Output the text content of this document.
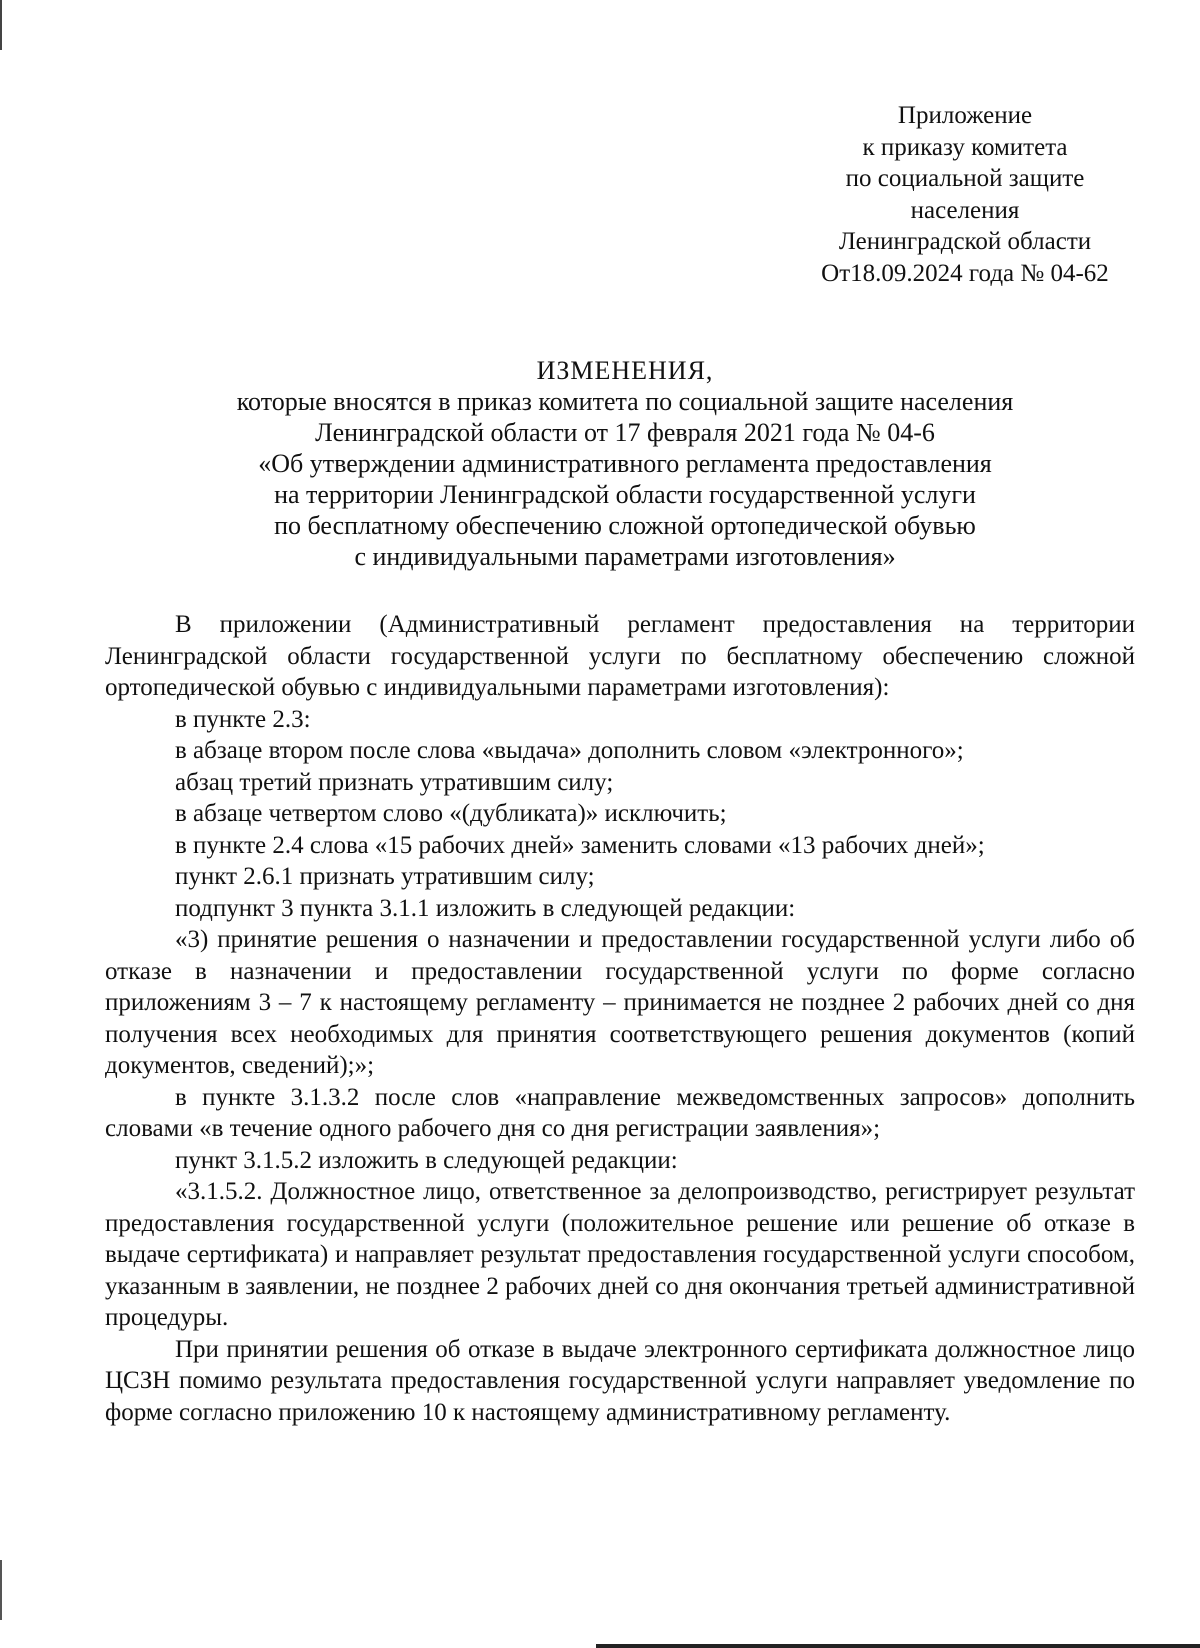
Приложение
к приказу комитета
по социальной защите
населения
Ленинградской области
От18.09.2024 года № 04-62
ИЗМЕНЕНИЯ,
которые вносятся в приказ комитета по социальной защите населения
Ленинградской области от 17 февраля 2021 года № 04-6
«Об утверждении административного регламента предоставления
на территории Ленинградской области государственной услуги
по бесплатному обеспечению сложной ортопедической обувью
с индивидуальными параметрами изготовления»
В приложении (Административный регламент предоставления на территории Ленинградской области государственной услуги по бесплатному обеспечению сложной ортопедической обувью с индивидуальными параметрами изготовления):
в пункте 2.3:
в абзаце втором после слова «выдача» дополнить словом «электронного»;
абзац третий признать утратившим силу;
в абзаце четвертом слово «(дубликата)» исключить;
в пункте 2.4 слова «15 рабочих дней» заменить словами «13 рабочих дней»;
пункт 2.6.1 признать утратившим силу;
подпункт 3 пункта 3.1.1 изложить в следующей редакции:
«3) принятие решения о назначении и предоставлении государственной услуги либо об отказе в назначении и предоставлении государственной услуги по форме согласно приложениям 3 – 7 к настоящему регламенту – принимается не позднее 2 рабочих дней со дня получения всех необходимых для принятия соответствующего решения документов (копий документов, сведений);»;
в пункте 3.1.3.2 после слов «направление межведомственных запросов» дополнить словами «в течение одного рабочего дня со дня регистрации заявления»;
пункт 3.1.5.2 изложить в следующей редакции:
«3.1.5.2. Должностное лицо, ответственное за делопроизводство, регистрирует результат предоставления государственной услуги (положительное решение или решение об отказе в выдаче сертификата) и направляет результат предоставления государственной услуги способом, указанным в заявлении, не позднее 2 рабочих дней со дня окончания третьей административной процедуры.
При принятии решения об отказе в выдаче электронного сертификата должностное лицо ЦСЗН помимо результата предоставления государственной услуги направляет уведомление по форме согласно приложению 10 к настоящему административному регламенту.
